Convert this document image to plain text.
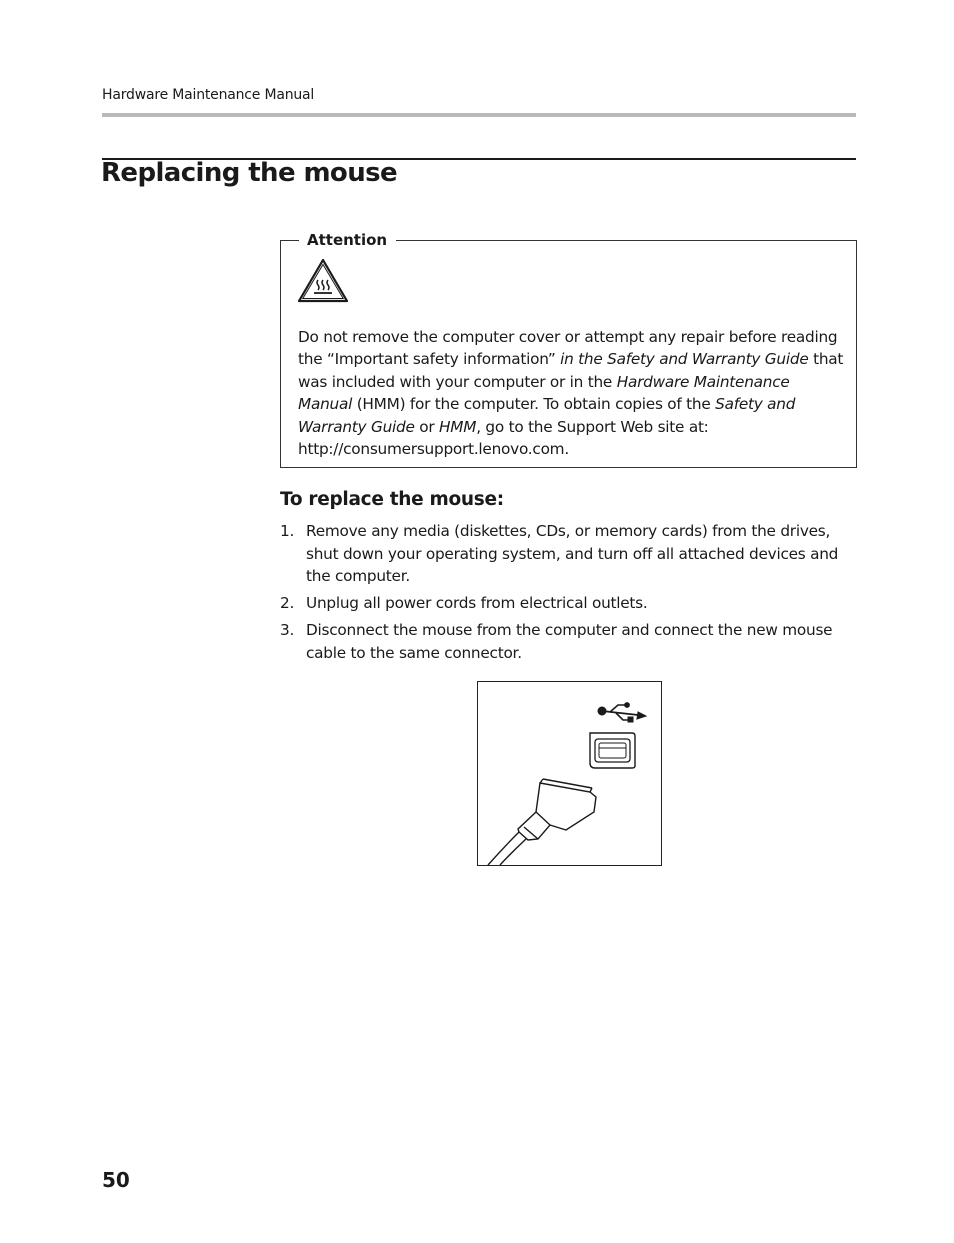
Hardware Maintenance Manual
Replacing the mouse
Attention
Do not remove the computer cover or attempt any repair before reading the “Important safety information” in the Safety and Warranty Guide that was included with your computer or in the Hardware Maintenance Manual (HMM) for the computer. To obtain copies of the Safety and Warranty Guide or HMM, go to the Support Web site at: http://consumersupport.lenovo.com.
To replace the mouse:
1. Remove any media (diskettes, CDs, or memory cards) from the drives, shut down your operating system, and turn off all attached devices and the computer.
2. Unplug all power cords from electrical outlets.
3. Disconnect the mouse from the computer and connect the new mouse cable to the same connector.
50
